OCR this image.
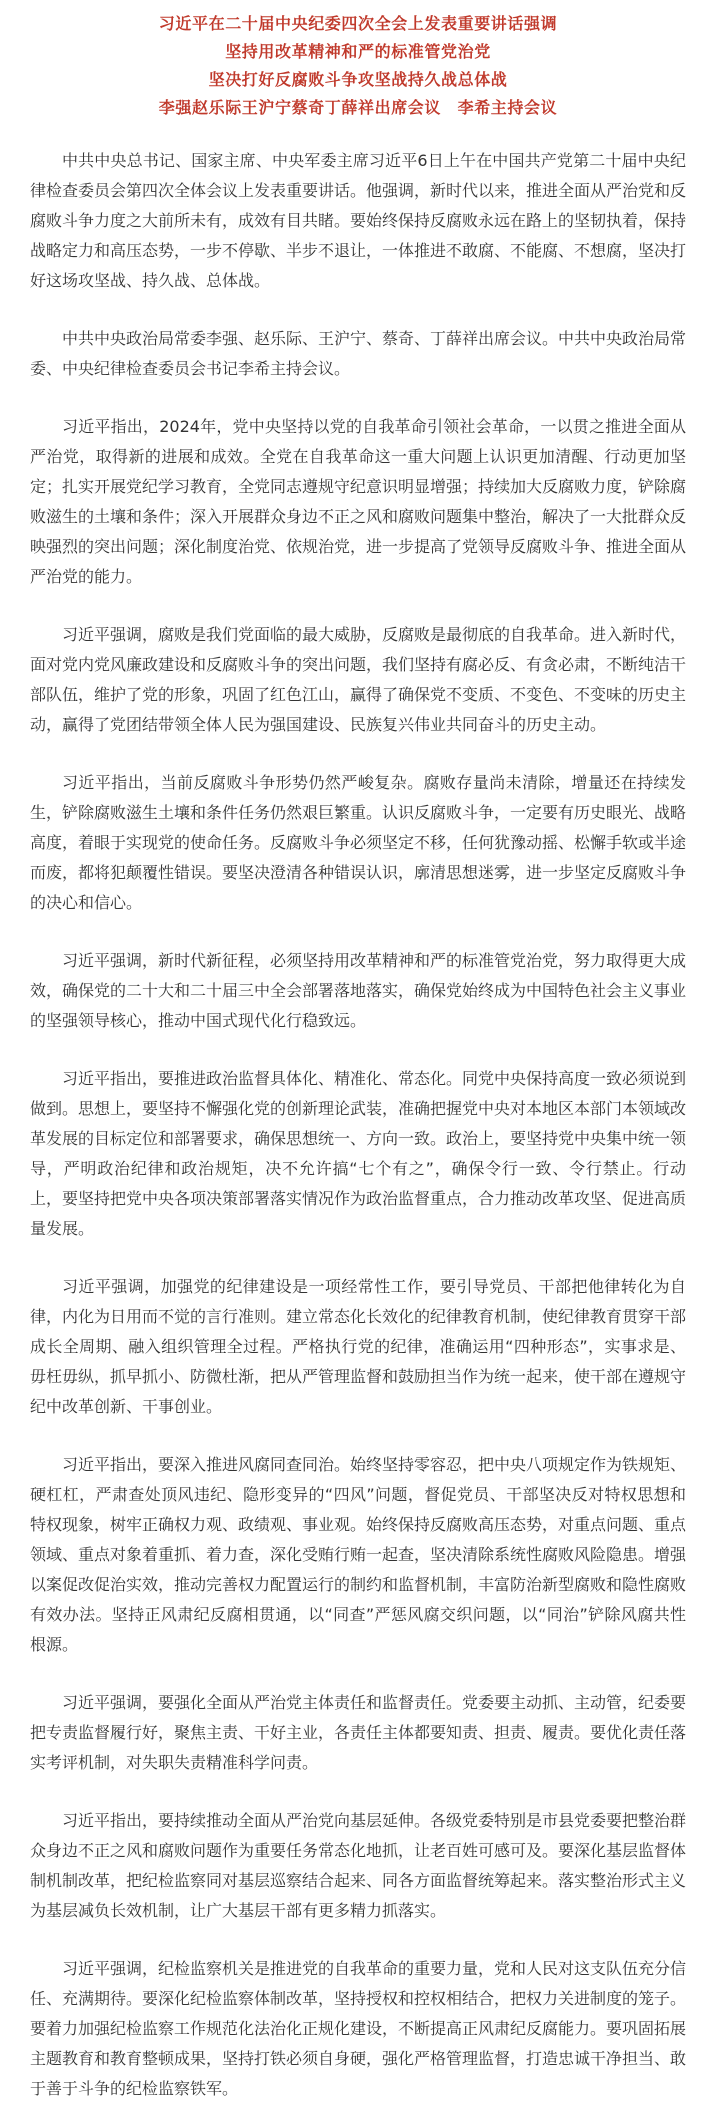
习近平在二十届中央纪委四次全会上发表重要讲话强调

坚持用改革精神和严的标准管党治党

坚决打好反腐败斗争攻坚战持久战总体战

李强赵乐际王沪宁蔡奇丁薛祥出席会议　李希主持会议

中共中央总书记、国家主席、中央军委主席习近平6日上午在中国共产党第二十届中央纪律检查委员会第四次全体会议上发表重要讲话。他强调，新时代以来，推进全面从严治党和反腐败斗争力度之大前所未有，成效有目共睹。要始终保持反腐败永远在路上的坚韧执着，保持战略定力和高压态势，一步不停歇、半步不退让，一体推进不敢腐、不能腐、不想腐，坚决打好这场攻坚战、持久战、总体战。

中共中央政治局常委李强、赵乐际、王沪宁、蔡奇、丁薛祥出席会议。中共中央政治局常委、中央纪律检查委员会书记李希主持会议。

习近平指出，2024年，党中央坚持以党的自我革命引领社会革命，一以贯之推进全面从严治党，取得新的进展和成效。全党在自我革命这一重大问题上认识更加清醒、行动更加坚定；扎实开展党纪学习教育，全党同志遵规守纪意识明显增强；持续加大反腐败力度，铲除腐败滋生的土壤和条件；深入开展群众身边不正之风和腐败问题集中整治，解决了一大批群众反映强烈的突出问题；深化制度治党、依规治党，进一步提高了党领导反腐败斗争、推进全面从严治党的能力。

习近平强调，腐败是我们党面临的最大威胁，反腐败是最彻底的自我革命。进入新时代，面对党内党风廉政建设和反腐败斗争的突出问题，我们坚持有腐必反、有贪必肃，不断纯洁干部队伍，维护了党的形象，巩固了红色江山，赢得了确保党不变质、不变色、不变味的历史主动，赢得了党团结带领全体人民为强国建设、民族复兴伟业共同奋斗的历史主动。

习近平指出，当前反腐败斗争形势仍然严峻复杂。腐败存量尚未清除，增量还在持续发生，铲除腐败滋生土壤和条件任务仍然艰巨繁重。认识反腐败斗争，一定要有历史眼光、战略高度，着眼于实现党的使命任务。反腐败斗争必须坚定不移，任何犹豫动摇、松懈手软或半途而废，都将犯颠覆性错误。要坚决澄清各种错误认识，廓清思想迷雾，进一步坚定反腐败斗争的决心和信心。

习近平强调，新时代新征程，必须坚持用改革精神和严的标准管党治党，努力取得更大成效，确保党的二十大和二十届三中全会部署落地落实，确保党始终成为中国特色社会主义事业的坚强领导核心，推动中国式现代化行稳致远。

习近平指出，要推进政治监督具体化、精准化、常态化。同党中央保持高度一致必须说到做到。思想上，要坚持不懈强化党的创新理论武装，准确把握党中央对本地区本部门本领域改革发展的目标定位和部署要求，确保思想统一、方向一致。政治上，要坚持党中央集中统一领导，严明政治纪律和政治规矩，决不允许搞“七个有之”，确保令行一致、令行禁止。行动上，要坚持把党中央各项决策部署落实情况作为政治监督重点，合力推动改革攻坚、促进高质量发展。

习近平强调，加强党的纪律建设是一项经常性工作，要引导党员、干部把他律转化为自律，内化为日用而不觉的言行准则。建立常态化长效化的纪律教育机制，使纪律教育贯穿干部成长全周期、融入组织管理全过程。严格执行党的纪律，准确运用“四种形态”，实事求是、毋枉毋纵，抓早抓小、防微杜渐，把从严管理监督和鼓励担当作为统一起来，使干部在遵规守纪中改革创新、干事创业。

习近平指出，要深入推进风腐同查同治。始终坚持零容忍，把中央八项规定作为铁规矩、硬杠杠，严肃查处顶风违纪、隐形变异的“四风”问题，督促党员、干部坚决反对特权思想和特权现象，树牢正确权力观、政绩观、事业观。始终保持反腐败高压态势，对重点问题、重点领域、重点对象着重抓、着力查，深化受贿行贿一起查，坚决清除系统性腐败风险隐患。增强以案促改促治实效，推动完善权力配置运行的制约和监督机制，丰富防治新型腐败和隐性腐败有效办法。坚持正风肃纪反腐相贯通，以“同查”严惩风腐交织问题，以“同治”铲除风腐共性根源。

习近平强调，要强化全面从严治党主体责任和监督责任。党委要主动抓、主动管，纪委要把专责监督履行好，聚焦主责、干好主业，各责任主体都要知责、担责、履责。要优化责任落实考评机制，对失职失责精准科学问责。

习近平指出，要持续推动全面从严治党向基层延伸。各级党委特别是市县党委要把整治群众身边不正之风和腐败问题作为重要任务常态化地抓，让老百姓可感可及。要深化基层监督体制机制改革，把纪检监察同对基层巡察结合起来、同各方面监督统筹起来。落实整治形式主义为基层减负长效机制，让广大基层干部有更多精力抓落实。

习近平强调，纪检监察机关是推进党的自我革命的重要力量，党和人民对这支队伍充分信任、充满期待。要深化纪检监察体制改革，坚持授权和控权相结合，把权力关进制度的笼子。要着力加强纪检监察工作规范化法治化正规化建设，不断提高正风肃纪反腐能力。要巩固拓展主题教育和教育整顿成果，坚持打铁必须自身硬，强化严格管理监督，打造忠诚干净担当、敢于善于斗争的纪检监察铁军。
